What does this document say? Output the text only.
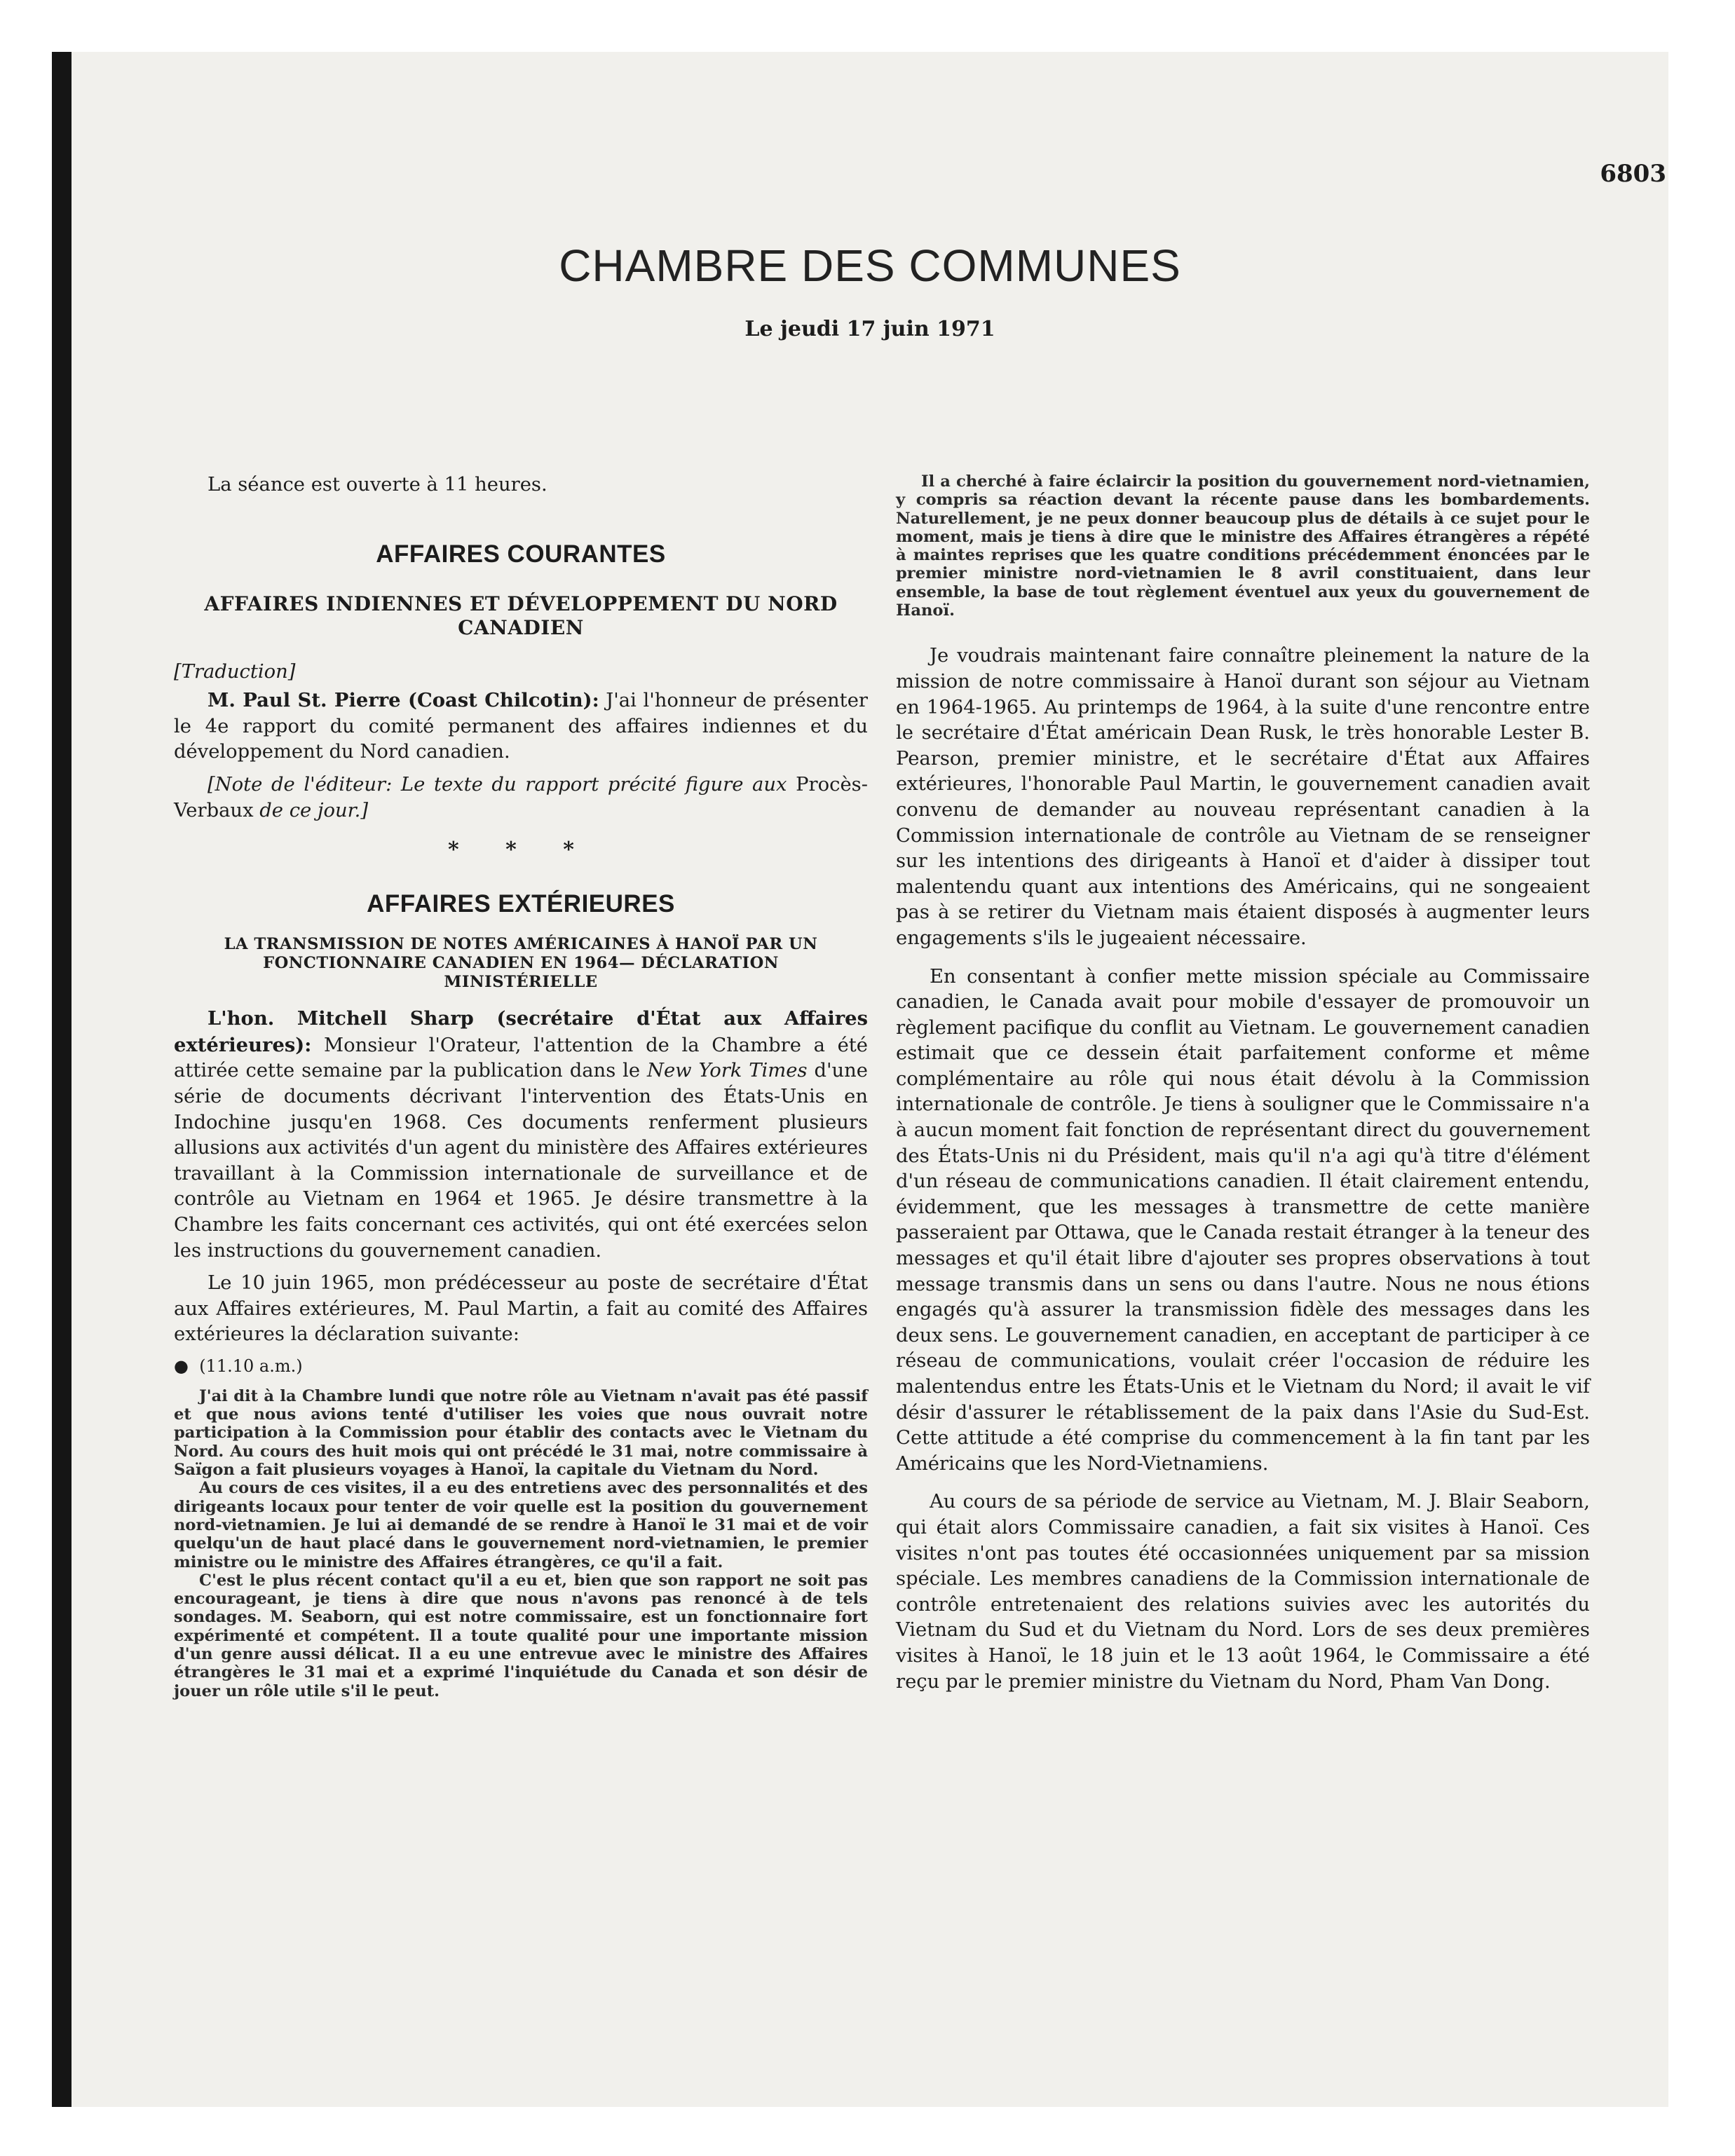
6803
CHAMBRE DES COMMUNES
Le jeudi 17 juin 1971

La séance est ouverte à 11 heures.

AFFAIRES COURANTES

AFFAIRES INDIENNES ET DÉVELOPPEMENT DU NORD CANADIEN

[Traduction]

M. Paul St. Pierre (Coast Chilcotin): J'ai l'honneur de présenter le 4e rapport du comité permanent des affaires indiennes et du développement du Nord canadien.

[Note de l'éditeur: Le texte du rapport précité figure aux Procès-Verbaux de ce jour.]

* * *

AFFAIRES EXTÉRIEURES

LA TRANSMISSION DE NOTES AMÉRICAINES À HANOÏ PAR UN FONCTIONNAIRE CANADIEN EN 1964— DÉCLARATION MINISTÉRIELLE

L'hon. Mitchell Sharp (secrétaire d'État aux Affaires extérieures): Monsieur l'Orateur, l'attention de la Chambre a été attirée cette semaine par la publication dans le New York Times d'une série de documents décrivant l'intervention des États-Unis en Indochine jusqu'en 1968. Ces documents renferment plusieurs allusions aux activités d'un agent du ministère des Affaires extérieures travaillant à la Commission internationale de surveillance et de contrôle au Vietnam en 1964 et 1965. Je désire transmettre à la Chambre les faits concernant ces activités, qui ont été exercées selon les instructions du gouvernement canadien.

Le 10 juin 1965, mon prédécesseur au poste de secrétaire d'État aux Affaires extérieures, M. Paul Martin, a fait au comité des Affaires extérieures la déclaration suivante:

● (11.10 a.m.)

J'ai dit à la Chambre lundi que notre rôle au Vietnam n'avait pas été passif et que nous avions tenté d'utiliser les voies que nous ouvrait notre participation à la Commission pour établir des contacts avec le Vietnam du Nord. Au cours des huit mois qui ont précédé le 31 mai, notre commissaire à Saïgon a fait plusieurs voyages à Hanoï, la capitale du Vietnam du Nord.

Au cours de ces visites, il a eu des entretiens avec des personnalités et des dirigeants locaux pour tenter de voir quelle est la position du gouvernement nord-vietnamien. Je lui ai demandé de se rendre à Hanoï le 31 mai et de voir quelqu'un de haut placé dans le gouvernement nord-vietnamien, le premier ministre ou le ministre des Affaires étrangères, ce qu'il a fait.

C'est le plus récent contact qu'il a eu et, bien que son rapport ne soit pas encourageant, je tiens à dire que nous n'avons pas renoncé à de tels sondages. M. Seaborn, qui est notre commissaire, est un fonctionnaire fort expérimenté et compétent. Il a toute qualité pour une importante mission d'un genre aussi délicat. Il a eu une entrevue avec le ministre des Affaires étrangères le 31 mai et a exprimé l'inquiétude du Canada et son désir de jouer un rôle utile s'il le peut.

Il a cherché à faire éclaircir la position du gouvernement nord-vietnamien, y compris sa réaction devant la récente pause dans les bombardements. Naturellement, je ne peux donner beaucoup plus de détails à ce sujet pour le moment, mais je tiens à dire que le ministre des Affaires étrangères a répété à maintes reprises que les quatre conditions précédemment énoncées par le premier ministre nord-vietnamien le 8 avril constituaient, dans leur ensemble, la base de tout règlement éventuel aux yeux du gouvernement de Hanoï.

Je voudrais maintenant faire connaître pleinement la nature de la mission de notre commissaire à Hanoï durant son séjour au Vietnam en 1964-1965. Au printemps de 1964, à la suite d'une rencontre entre le secrétaire d'État américain Dean Rusk, le très honorable Lester B. Pearson, premier ministre, et le secrétaire d'État aux Affaires extérieures, l'honorable Paul Martin, le gouvernement canadien avait convenu de demander au nouveau représentant canadien à la Commission internationale de contrôle au Vietnam de se renseigner sur les intentions des dirigeants à Hanoï et d'aider à dissiper tout malentendu quant aux intentions des Américains, qui ne songeaient pas à se retirer du Vietnam mais étaient disposés à augmenter leurs engagements s'ils le jugeaient nécessaire.

En consentant à confier mette mission spéciale au Commissaire canadien, le Canada avait pour mobile d'essayer de promouvoir un règlement pacifique du conflit au Vietnam. Le gouvernement canadien estimait que ce dessein était parfaitement conforme et même complémentaire au rôle qui nous était dévolu à la Commission internationale de contrôle. Je tiens à souligner que le Commissaire n'a à aucun moment fait fonction de représentant direct du gouvernement des États-Unis ni du Président, mais qu'il n'a agi qu'à titre d'élément d'un réseau de communications canadien. Il était clairement entendu, évidemment, que les messages à transmettre de cette manière passeraient par Ottawa, que le Canada restait étranger à la teneur des messages et qu'il était libre d'ajouter ses propres observations à tout message transmis dans un sens ou dans l'autre. Nous ne nous étions engagés qu'à assurer la transmission fidèle des messages dans les deux sens. Le gouvernement canadien, en acceptant de participer à ce réseau de communications, voulait créer l'occasion de réduire les malentendus entre les États-Unis et le Vietnam du Nord; il avait le vif désir d'assurer le rétablissement de la paix dans l'Asie du Sud-Est. Cette attitude a été comprise du commencement à la fin tant par les Américains que les Nord-Vietnamiens.

Au cours de sa période de service au Vietnam, M. J. Blair Seaborn, qui était alors Commissaire canadien, a fait six visites à Hanoï. Ces visites n'ont pas toutes été occasionnées uniquement par sa mission spéciale. Les membres canadiens de la Commission internationale de contrôle entretenaient des relations suivies avec les autorités du Vietnam du Sud et du Vietnam du Nord. Lors de ses deux premières visites à Hanoï, le 18 juin et le 13 août 1964, le Commissaire a été reçu par le premier ministre du Vietnam du Nord, Pham Van Dong.
